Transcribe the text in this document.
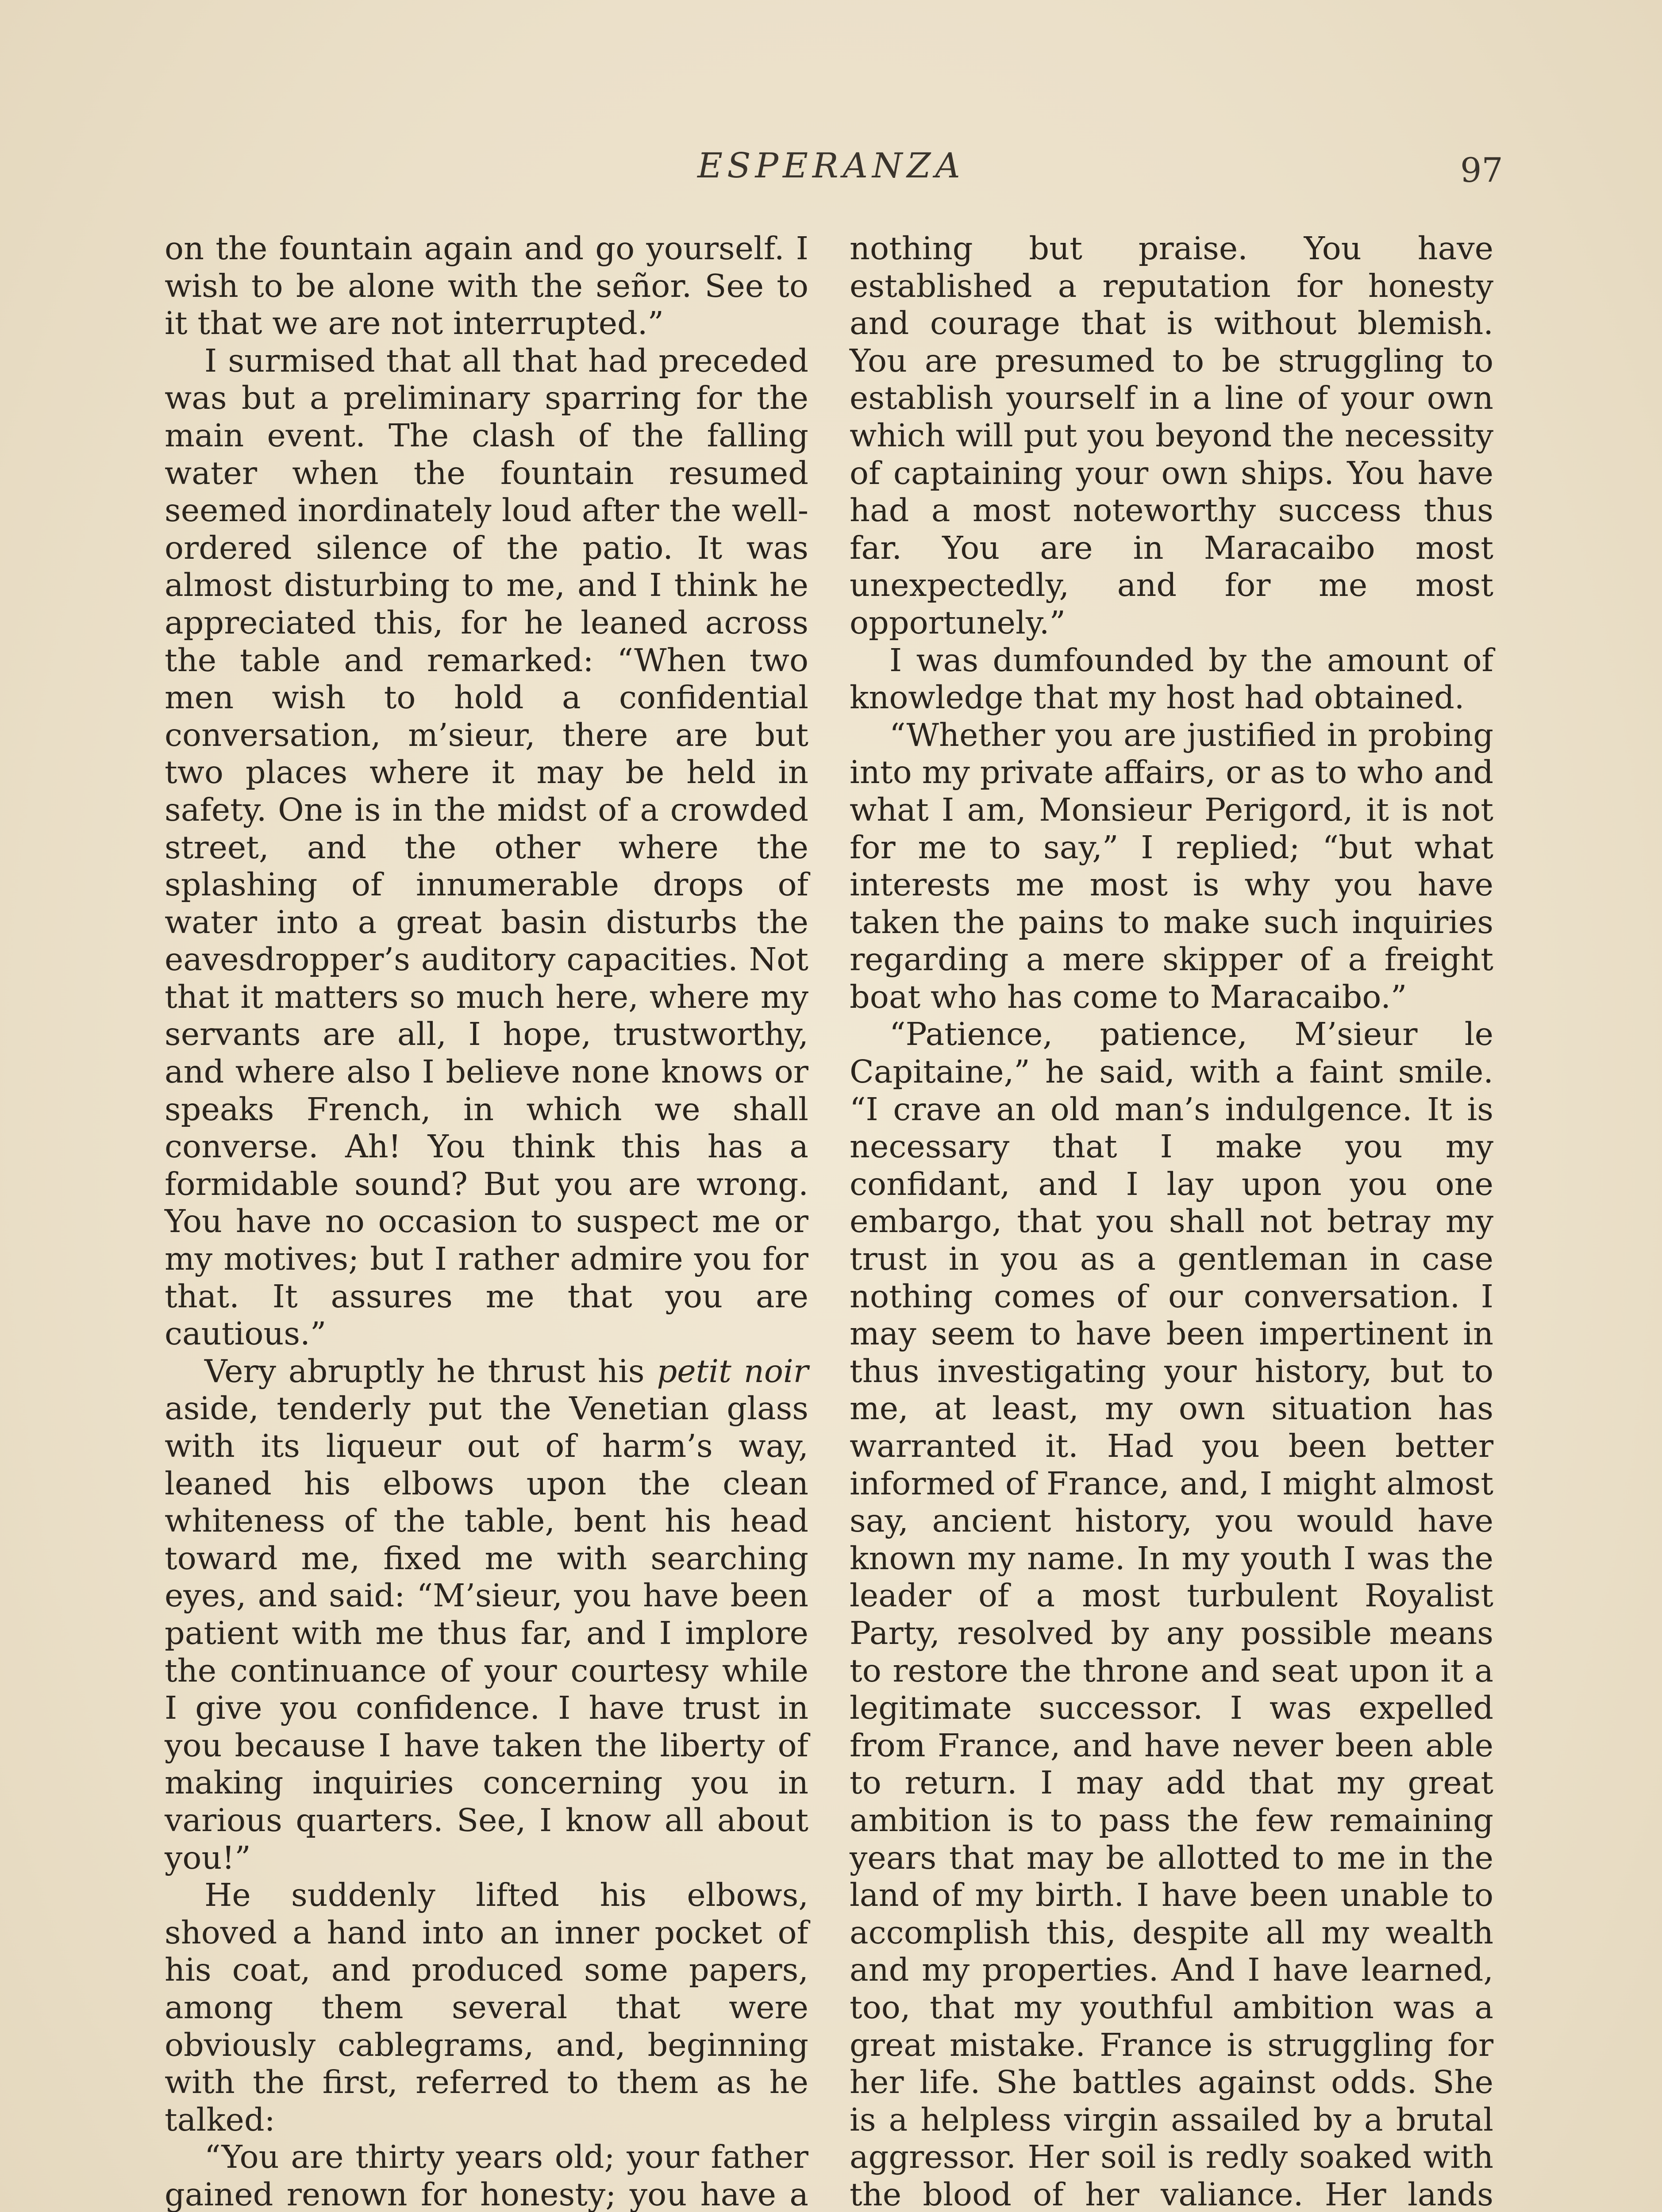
ESPERANZA	97

on the fountain again and go yourself. I wish to be alone with the señor. See to it that we are not interrupted.”

I surmised that all that had preceded was but a preliminary sparring for the main event. The clash of the falling water when the fountain resumed seemed inordinately loud after the well-ordered silence of the patio. It was almost disturbing to me, and I think he appreciated this, for he leaned across the table and remarked: “When two men wish to hold a confidential conversation, m’sieur, there are but two places where it may be held in safety. One is in the midst of a crowded street, and the other where the splashing of innumerable drops of water into a great basin disturbs the eavesdropper’s auditory capacities. Not that it matters so much here, where my servants are all, I hope, trustworthy, and where also I believe none knows or speaks French, in which we shall converse. Ah! You think this has a formidable sound? But you are wrong. You have no occasion to suspect me or my motives; but I rather admire you for that. It assures me that you are cautious.”

Very abruptly he thrust his petit noir aside, tenderly put the Venetian glass with its liqueur out of harm’s way, leaned his elbows upon the clean whiteness of the table, bent his head toward me, fixed me with searching eyes, and said: “M’sieur, you have been patient with me thus far, and I implore the continuance of your courtesy while I give you confidence. I have trust in you because I have taken the liberty of making inquiries concerning you in various quarters. See, I know all about you!”

He suddenly lifted his elbows, shoved a hand into an inner pocket of his coat, and produced some papers, among them several that were obviously cablegrams, and, beginning with the first, referred to them as he talked:

“You are thirty years old; your father gained renown for honesty; you have a

nothing but praise. You have established a reputation for honesty and courage that is without blemish. You are presumed to be struggling to establish yourself in a line of your own which will put you beyond the necessity of captaining your own ships. You have had a most noteworthy success thus far. You are in Maracaibo most unexpectedly, and for me most opportunely.”

I was dumfounded by the amount of knowledge that my host had obtained.

“Whether you are justified in probing into my private affairs, or as to who and what I am, Monsieur Perigord, it is not for me to say,” I replied; “but what interests me most is why you have taken the pains to make such inquiries regarding a mere skipper of a freight boat who has come to Maracaibo.”

“Patience, patience, M’sieur le Capitaine,” he said, with a faint smile. “I crave an old man’s indulgence. It is necessary that I make you my confidant, and I lay upon you one embargo, that you shall not betray my trust in you as a gentleman in case nothing comes of our conversation. I may seem to have been impertinent in thus investigating your history, but to me, at least, my own situation has warranted it. Had you been better informed of France, and, I might almost say, ancient history, you would have known my name. In my youth I was the leader of a most turbulent Royalist Party, resolved by any possible means to restore the throne and seat upon it a legitimate successor. I was expelled from France, and have never been able to return. I may add that my great ambition is to pass the few remaining years that may be allotted to me in the land of my birth. I have been unable to accomplish this, despite all my wealth and my properties. And I have learned, too, that my youthful ambition was a great mistake. France is struggling for her life. She battles against odds. She is a helpless virgin assailed by a brutal aggressor. Her soil is redly soaked with the blood of her valiance. Her lands
